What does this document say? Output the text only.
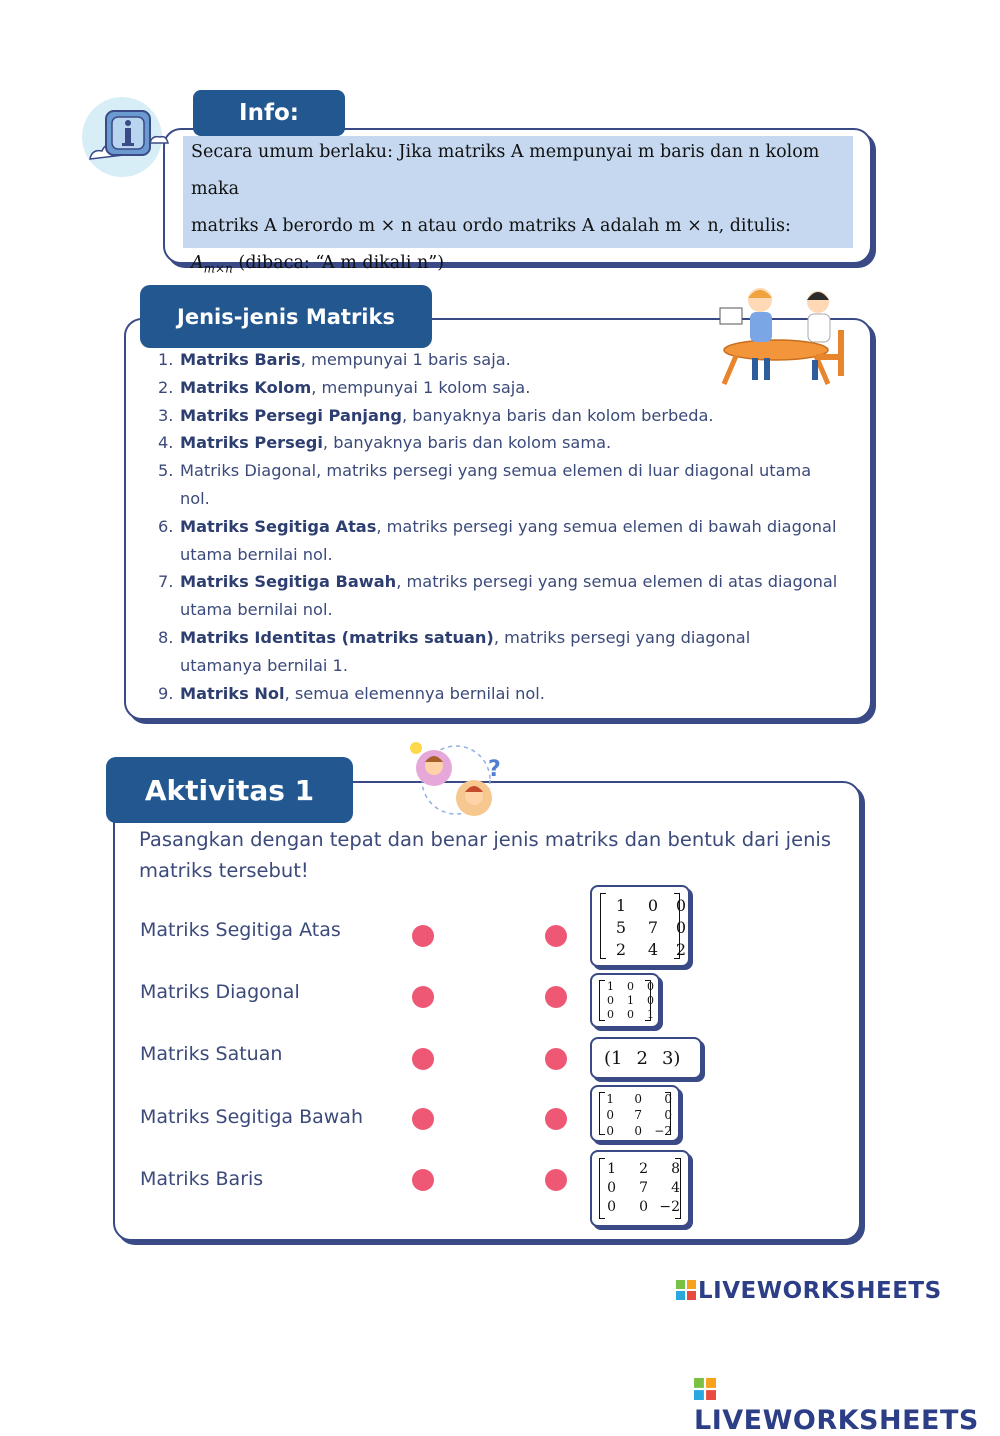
Secara umum berlaku: Jika matriks A mempunyai m baris dan n kolom maka
matriks A berordo m × n atau ordo matriks A adalah m × n, ditulis:
$A_{m\times n}$ (dibaca: “A m dikali n”)
Info:
Jenis-jenis Matriks
1. Matriks Baris, mempunyai 1 baris saja.
2. Matriks Kolom, mempunyai 1 kolom saja.
3. Matriks Persegi Panjang, banyaknya baris dan kolom berbeda.
4. Matriks Persegi, banyaknya baris dan kolom sama.
5. Matriks Diagonal, matriks persegi yang semua elemen di luar diagonal utama nol.
6. Matriks Segitiga Atas, matriks persegi yang semua elemen di bawah diagonal utama bernilai nol.
7. Matriks Segitiga Bawah, matriks persegi yang semua elemen di atas diagonal utama bernilai nol.
8. Matriks Identitas (matriks satuan), matriks persegi yang diagonal utamanya bernilai 1.
9. Matriks Nol, semua elemennya bernilai nol.
Aktivitas 1
?
Pasangkan dengan tepat dan benar jenis matriks dan bentuk dari jenis matriks tersebut!
Matriks Segitiga Atas
Matriks Diagonal
Matriks Satuan
Matriks Segitiga Bawah
Matriks Baris
1	0	0
5	7	0
2	4	2
1	0	0
0	1	0
0	0	1
(1 2 3)
1	0	0
0	7	0
0	0	−2
1	2	8
0	7	4
0	0 −2
LIVEWORKSHEETS
LIVEWORKSHEETS
